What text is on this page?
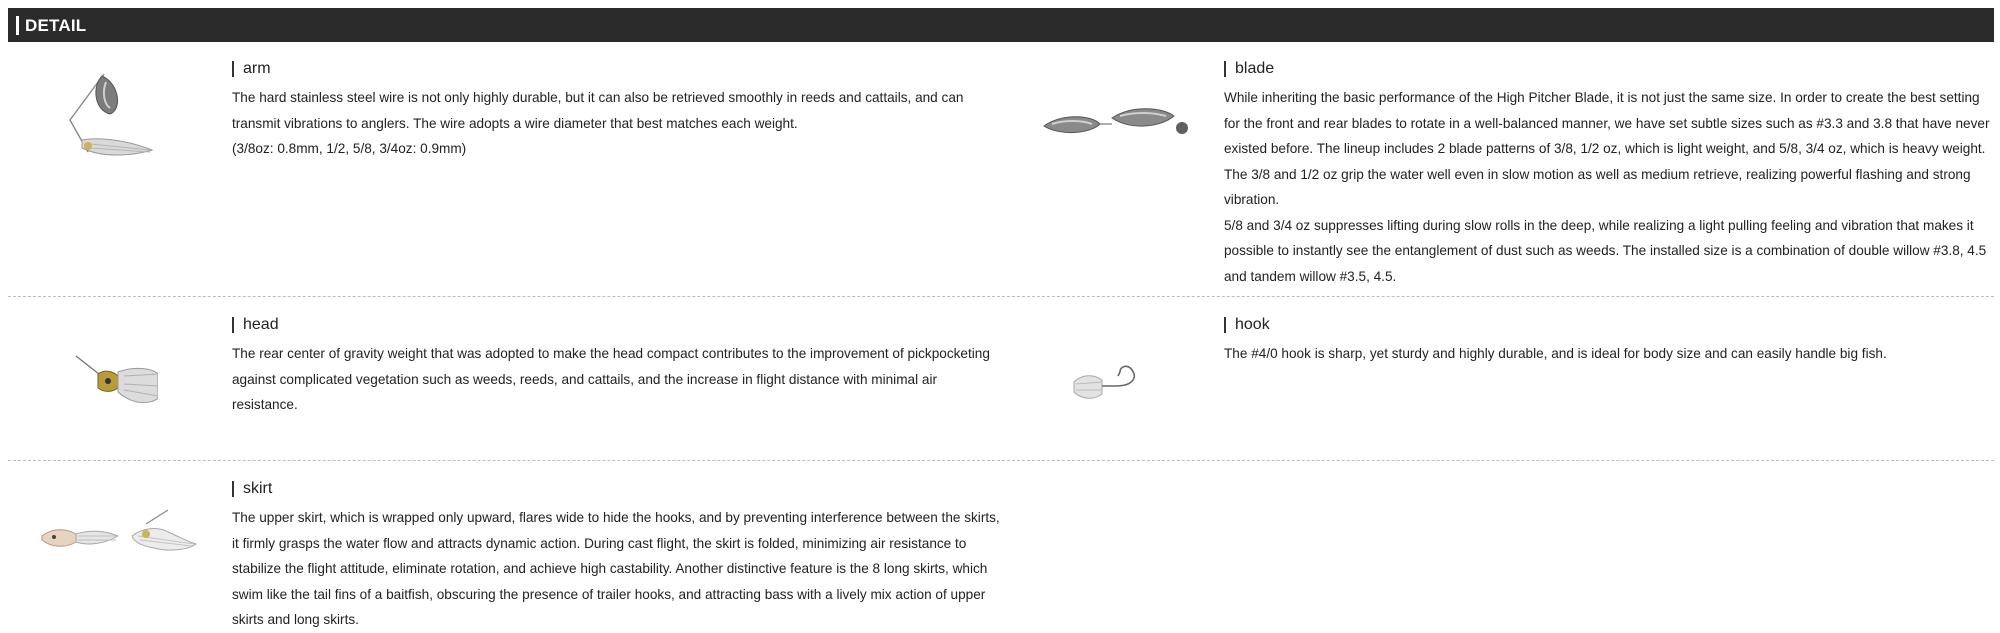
DETAIL
arm

The hard stainless steel wire is not only highly durable, but it can also be retrieved smoothly in reeds and cattails, and can transmit vibrations to anglers. The wire adopts a wire diameter that best matches each weight.

(3/8oz: 0.8mm, 1/2, 5/8, 3/4oz: 0.9mm)

blade

While inheriting the basic performance of the High Pitcher Blade, it is not just the same size. In order to create the best setting for the front and rear blades to rotate in a well-balanced manner, we have set subtle sizes such as #3.3 and 3.8 that have never existed before. The lineup includes 2 blade patterns of 3/8, 1/2 oz, which is light weight, and 5/8, 3/4 oz, which is heavy weight. The 3/8 and 1/2 oz grip the water well even in slow motion as well as medium retrieve, realizing powerful flashing and strong vibration.

5/8 and 3/4 oz suppresses lifting during slow rolls in the deep, while realizing a light pulling feeling and vibration that makes it possible to instantly see the entanglement of dust such as weeds. The installed size is a combination of double willow #3.8, 4.5 and tandem willow #3.5, 4.5.

head

The rear center of gravity weight that was adopted to make the head compact contributes to the improvement of pickpocketing against complicated vegetation such as weeds, reeds, and cattails, and the increase in flight distance with minimal air resistance.

hook

The #4/0 hook is sharp, yet sturdy and highly durable, and is ideal for body size and can easily handle big fish.

skirt

The upper skirt, which is wrapped only upward, flares wide to hide the hooks, and by preventing interference between the skirts, it firmly grasps the water flow and attracts dynamic action. During cast flight, the skirt is folded, minimizing air resistance to stabilize the flight attitude, eliminate rotation, and achieve high castability. Another distinctive feature is the 8 long skirts, which swim like the tail fins of a baitfish, obscuring the presence of trailer hooks, and attracting bass with a lively mix action of upper skirts and long skirts.
